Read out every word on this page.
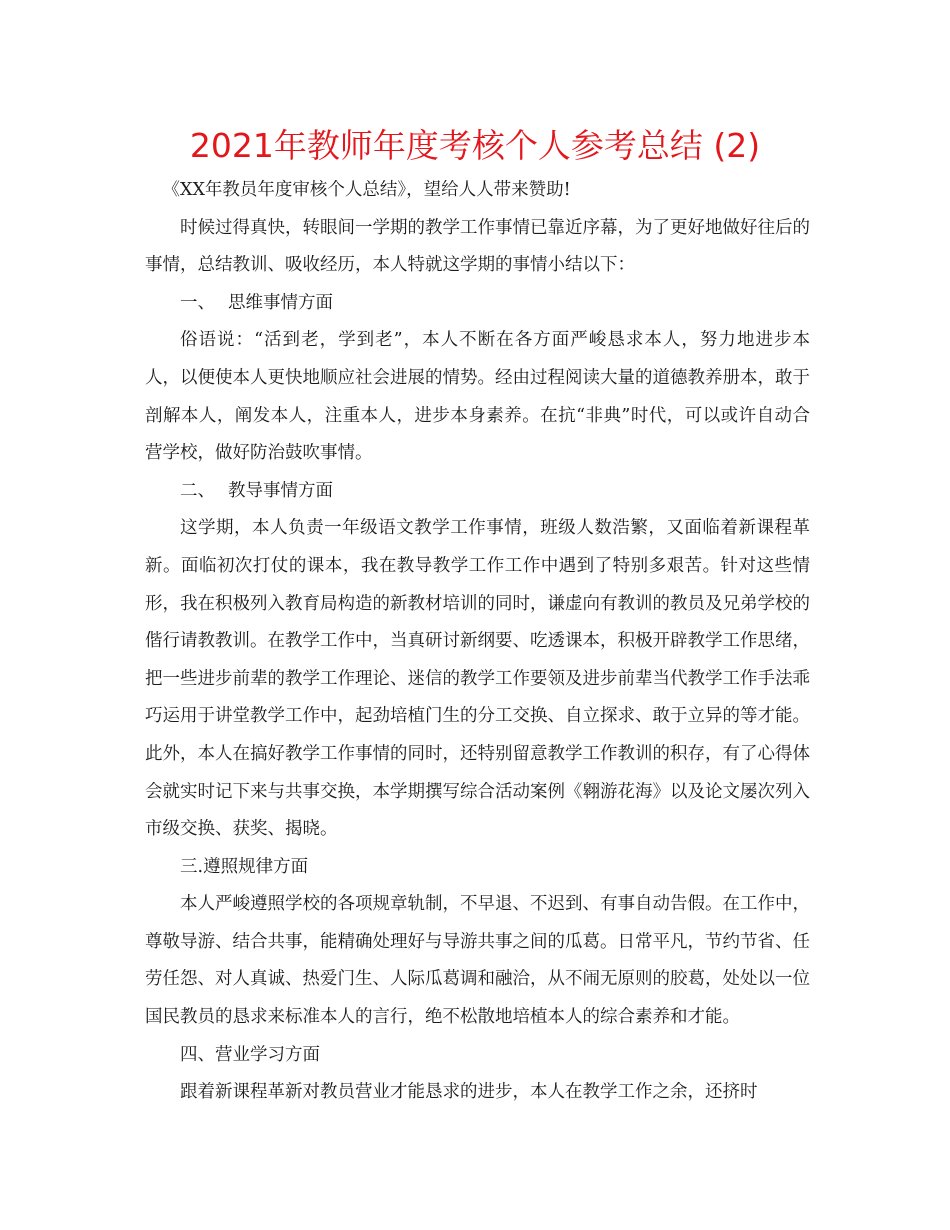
2021年教师年度考核个人参考总结 (2)

《XX年教员年度审核个人总结》，望给人人带来赞助!

时候过得真快，转眼间一学期的教学工作事情已靠近序幕，为了更好地做好往后的事情，总结教训、吸收经历，本人特就这学期的事情小结以下：

一、 思维事情方面

俗语说：“活到老，学到老”，本人不断在各方面严峻恳求本人，努力地进步本人，以便使本人更快地顺应社会进展的情势。经由过程阅读大量的道德教养册本，敢于剖解本人，阐发本人，注重本人，进步本身素养。在抗“非典”时代，可以或许自动合营学校，做好防治鼓吹事情。

二、 教导事情方面

这学期，本人负责一年级语文教学工作事情，班级人数浩繁，又面临着新课程革新。面临初次打仗的课本，我在教导教学工作工作中遇到了特别多艰苦。针对这些情形，我在积极列入教育局构造的新教材培训的同时，谦虚向有教训的教员及兄弟学校的偕行请教教训。在教学工作中，当真研讨新纲要、吃透课本，积极开辟教学工作思绪，把一些进步前辈的教学工作理论、迷信的教学工作要领及进步前辈当代教学工作手法乖巧运用于讲堂教学工作中，起劲培植门生的分工交换、自立探求、敢于立异的等才能。此外，本人在搞好教学工作事情的同时，还特别留意教学工作教训的积存，有了心得体会就实时记下来与共事交换，本学期撰写综合活动案例《翱游花海》以及论文屡次列入市级交换、获奖、揭晓。

三.遵照规律方面

本人严峻遵照学校的各项规章轨制，不早退、不迟到、有事自动告假。在工作中，尊敬导游、结合共事，能精确处理好与导游共事之间的瓜葛。日常平凡，节约节省、任劳任怨、对人真诚、热爱门生、人际瓜葛调和融洽，从不闹无原则的胶葛，处处以一位国民教员的恳求来标准本人的言行，绝不松散地培植本人的综合素养和才能。

四、营业学习方面

跟着新课程革新对教员营业才能恳求的进步，本人在教学工作之余，还挤时
